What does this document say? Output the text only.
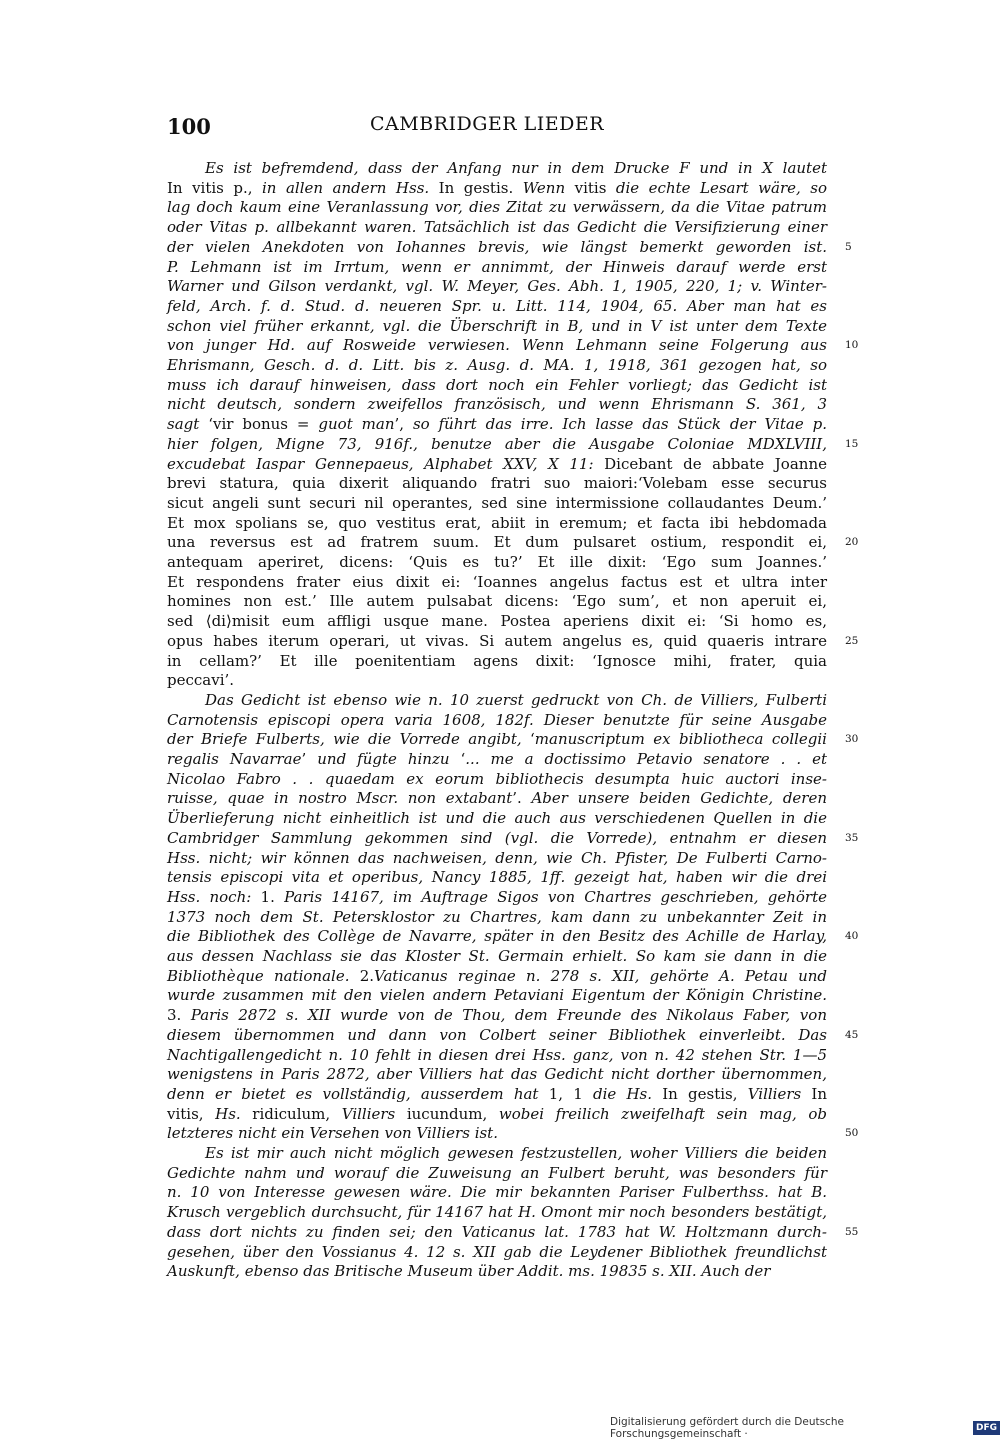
100	CAMBRIDGER LIEDER
Es ist befremdend, dass der Anfang nur in dem Drucke F und in X lautet
In vitis p., in allen andern Hss. In gestis. Wenn vitis die echte Lesart wäre, so
lag doch kaum eine Veranlassung vor, dies Zitat zu verwässern, da die Vitae patrum
oder Vitas p. allbekannt waren. Tatsächlich ist das Gedicht die Versifizierung einer
der vielen Anekdoten von Iohannes brevis, wie längst bemerkt geworden ist.
P. Lehmann ist im Irrtum, wenn er annimmt, der Hinweis darauf werde erst
Warner und Gilson verdankt, vgl. W. Meyer, Ges. Abh. 1, 1905, 220, 1; v. Winter-
feld, Arch. f. d. Stud. d. neueren Spr. u. Litt. 114, 1904, 65. Aber man hat es
schon viel früher erkannt, vgl. die Überschrift in B, und in V ist unter dem Texte
von junger Hd. auf Rosweide verwiesen. Wenn Lehmann seine Folgerung aus
Ehrismann, Gesch. d. d. Litt. bis z. Ausg. d. MA. 1, 1918, 361 gezogen hat, so
muss ich darauf hinweisen, dass dort noch ein Fehler vorliegt; das Gedicht ist
nicht deutsch, sondern zweifellos französisch, und wenn Ehrismann S. 361, 3
sagt ‘vir bonus = guot man’, so führt das irre. Ich lasse das Stück der Vitae p.
hier folgen, Migne 73, 916f., benutze aber die Ausgabe Coloniae MDXLVIII,
excudebat Iaspar Gennepaeus, Alphabet XXV, X 11: Dicebant de abbate Joanne
brevi statura, quia dixerit aliquando fratri suo maiori:‘Volebam esse securus
sicut angeli sunt securi nil operantes, sed sine intermissione collaudantes Deum.’
Et mox spolians se, quo vestitus erat, abiit in eremum; et facta ibi hebdomada
una reversus est ad fratrem suum. Et dum pulsaret ostium, respondit ei,
antequam aperiret, dicens: ‘Quis es tu?’ Et ille dixit: ‘Ego sum Joannes.’
Et respondens frater eius dixit ei: ‘Ioannes angelus factus est et ultra inter
homines non est.’ Ille autem pulsabat dicens: ‘Ego sum’, et non aperuit ei,
sed ⟨di⟩misit eum affligi usque mane. Postea aperiens dixit ei: ‘Si homo es,
opus habes iterum operari, ut vivas. Si autem angelus es, quid quaeris intrare
in cellam?’ Et ille poenitentiam agens dixit: ‘Ignosce mihi, frater, quia
peccavi’.
Das Gedicht ist ebenso wie n. 10 zuerst gedruckt von Ch. de Villiers, Fulberti
Carnotensis episcopi opera varia 1608, 182f. Dieser benutzte für seine Ausgabe
der Briefe Fulberts, wie die Vorrede angibt, ‘manuscriptum ex bibliotheca collegii
regalis Navarrae’ und fügte hinzu ‘... me a doctissimo Petavio senatore . . et
Nicolao Fabro . . quaedam ex eorum bibliothecis desumpta huic auctori inse-
ruisse, quae in nostro Mscr. non extabant’. Aber unsere beiden Gedichte, deren
Überlieferung nicht einheitlich ist und die auch aus verschiedenen Quellen in die
Cambridger Sammlung gekommen sind (vgl. die Vorrede), entnahm er diesen
Hss. nicht; wir können das nachweisen, denn, wie Ch. Pfister, De Fulberti Carno-
tensis episcopi vita et operibus, Nancy 1885, 1ff. gezeigt hat, haben wir die drei
Hss. noch: 1. Paris 14167, im Auftrage Sigos von Chartres geschrieben, gehörte
1373 noch dem St. Petersklostor zu Chartres, kam dann zu unbekannter Zeit in
die Bibliothek des Collège de Navarre, später in den Besitz des Achille de Harlay,
aus dessen Nachlass sie das Kloster St. Germain erhielt. So kam sie dann in die
Bibliothèque nationale. 2.Vaticanus reginae n. 278 s. XII, gehörte A. Petau und
wurde zusammen mit den vielen andern Petaviani Eigentum der Königin Christine.
3. Paris 2872 s. XII wurde von de Thou, dem Freunde des Nikolaus Faber, von
diesem übernommen und dann von Colbert seiner Bibliothek einverleibt. Das
Nachtigallengedicht n. 10 fehlt in diesen drei Hss. ganz, von n. 42 stehen Str. 1—5
wenigstens in Paris 2872, aber Villiers hat das Gedicht nicht dorther übernommen,
denn er bietet es vollständig, ausserdem hat 1, 1 die Hs. In gestis, Villiers In
vitis, Hs. ridiculum, Villiers iucundum, wobei freilich zweifelhaft sein mag, ob
letzteres nicht ein Versehen von Villiers ist.
Es ist mir auch nicht möglich gewesen festzustellen, woher Villiers die beiden
Gedichte nahm und worauf die Zuweisung an Fulbert beruht, was besonders für
n. 10 von Interesse gewesen wäre. Die mir bekannten Pariser Fulberthss. hat B.
Krusch vergeblich durchsucht, für 14167 hat H. Omont mir noch besonders bestätigt,
dass dort nichts zu finden sei; den Vaticanus lat. 1783 hat W. Holtzmann durch-
gesehen, über den Vossianus 4. 12 s. XII gab die Leydener Bibliothek freundlichst
Auskunft, ebenso das Britische Museum über Addit. ms. 19835 s. XII. Auch der
5
10
15
20
25
30
35
40
45
50
55
Digitalisierung gefördert durch die Deutsche Forschungsgemeinschaft ·	DFG
